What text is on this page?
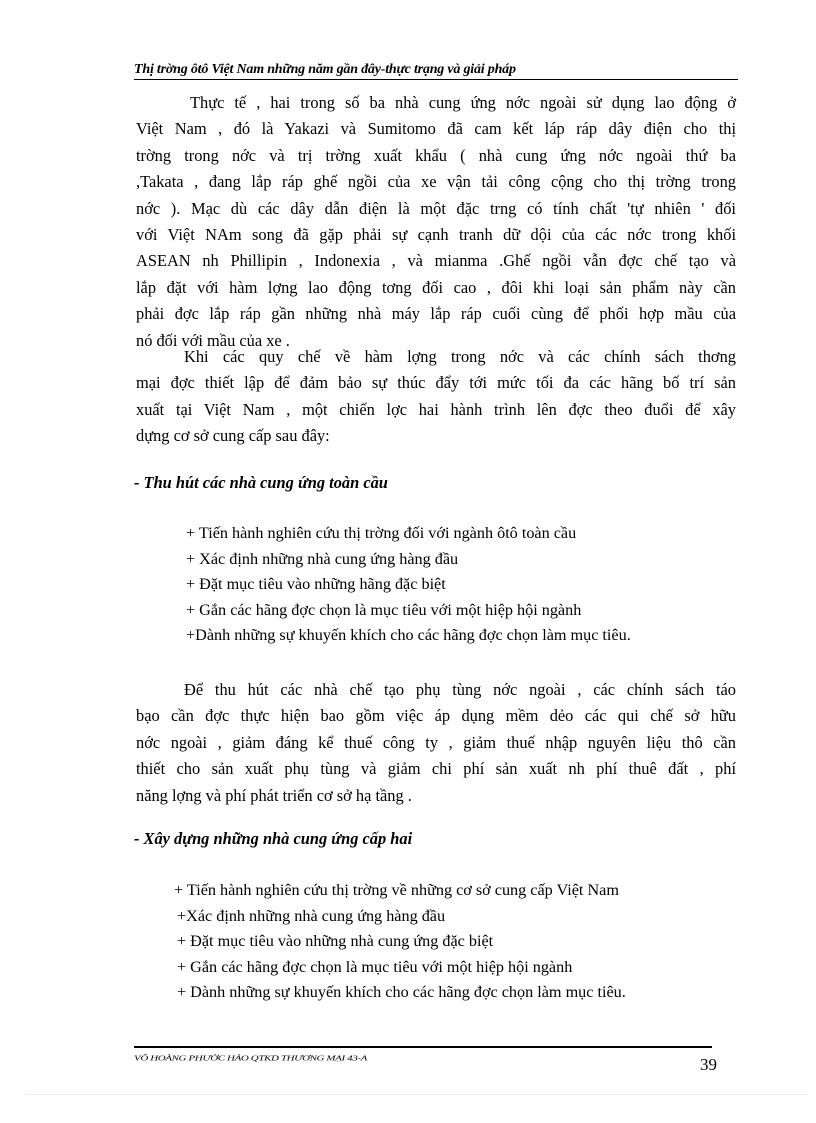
Thị trờng ôtô Việt Nam những năm gần đây-thực trạng và giải pháp
Thực tế , hai trong số ba nhà cung ứng nớc ngoài sử dụng lao động ở
Việt Nam , đó là Yakazi và Sumitomo đã cam kết láp ráp dây điện cho thị
trờng trong nớc và trị trờng xuất khẩu ( nhà cung ứng nớc ngoài thứ ba
,Takata , đang lắp ráp ghế ngồi của xe vận tải công cộng cho thị trờng trong
nớc ). Mạc dù các dây dẫn điện là một đặc trng có tính chất 'tự nhiên ' đối
với Việt NAm song đã gặp phải sự cạnh tranh dữ dội của các nớc trong khối
ASEAN nh Phillipin , Indonexia , và mianma .Ghế ngồi vẫn đợc chế tạo và
lắp đặt với hàm lợng lao động tơng đối cao , đôi khi loại sản phẩm này cần
phải đợc lắp ráp gần những nhà máy lắp ráp cuối cùng để phối hợp mầu của
nó đối với mầu của xe .
Khi các quy chế về hàm lợng trong nớc và các chính sách thơng
mại đợc thiết lập để đảm bảo sự thúc đẩy tới mức tối đa các hãng bố trí sản
xuất tại Việt Nam , một chiến lợc hai hành trình lên đợc theo đuổi để xây
dựng cơ sở cung cấp sau đây:
- Thu hút các nhà cung ứng toàn cầu
+ Tiến hành nghiên cứu thị trờng đối với ngành ôtô toàn cầu
+ Xác định những nhà cung ứng hàng đầu
+ Đặt mục tiêu vào những hãng đặc biệt
+ Gắn các hãng đợc chọn là mục tiêu với một hiệp hội ngành
+Dành những sự khuyến khích cho các hãng đợc chọn làm mục tiêu.
Để thu hút các nhà chế tạo phụ tùng nớc ngoài , các chính sách táo
bạo cần đợc thực hiện bao gồm việc áp dụng mềm dẻo các qui chế sở hữu
nớc ngoài , giảm đáng kể thuế công ty , giảm thuế nhập nguyên liệu thô cần
thiết cho sản xuất phụ tùng và giảm chi phí sản xuất nh phí thuê đất , phí
năng lợng và phí phát triển cơ sở hạ tầng .
- Xây dựng những nhà cung ứng cấp hai
+ Tiến hành nghiên cứu thị trờng về những cơ sở cung cấp Việt Nam
+Xác định những nhà cung ứng hàng đầu
+ Đặt mục tiêu vào những nhà cung ứng đặc biệt
+ Gắn các hãng đợc chọn là mục tiêu với một hiệp hội ngành
+ Dành những sự khuyến khích cho các hãng đợc chọn làm mục tiêu.
VÕ HOÀNG PHƯỚC HẢO QTKD THƯƠNG MẠI 43-A	39
